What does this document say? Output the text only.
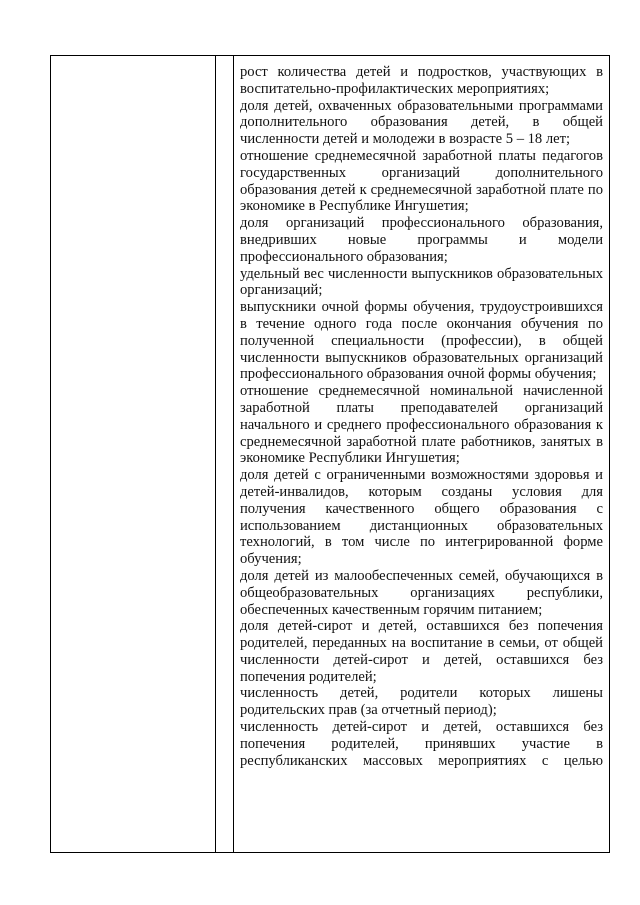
рост количества детей и подростков, участвующих в воспитательно-профилактических мероприятиях;

доля детей, охваченных образовательными программами дополнительного образования детей, в общей численности детей и молодежи в возрасте 5 – 18 лет;

отношение среднемесячной заработной платы педагогов государственных организаций дополнительного образования детей к среднемесячной заработной плате по экономике в Республике Ингушетия;

доля организаций профессионального образования, внедривших новые программы и модели профессионального образования;

удельный вес численности выпускников образовательных организаций;

выпускники очной формы обучения, трудоустроившихся в течение одного года после окончания обучения по полученной специальности (профессии), в общей численности выпускников образовательных организаций профессионального образования очной формы обучения;

отношение среднемесячной номинальной начисленной заработной платы преподавателей организаций начального и среднего профессионального образования к среднемесячной заработной плате работников, занятых в экономике Республики Ингушетия;

доля детей с ограниченными возможностями здоровья и детей-инвалидов, которым созданы условия для получения качественного общего образования с использованием дистанционных образовательных технологий, в том числе по интегрированной форме обучения;

доля детей из малообеспеченных семей, обучающихся в общеобразовательных организациях республики, обеспеченных качественным горячим питанием;

доля детей-сирот и детей, оставшихся без попечения родителей, переданных на воспитание в семьи, от общей численности детей-сирот и детей, оставшихся без попечения родителей;

численность детей, родители которых лишены родительских прав (за отчетный период);

численность детей-сирот и детей, оставшихся без попечения родителей, принявших участие в республиканских массовых мероприятиях с целью
